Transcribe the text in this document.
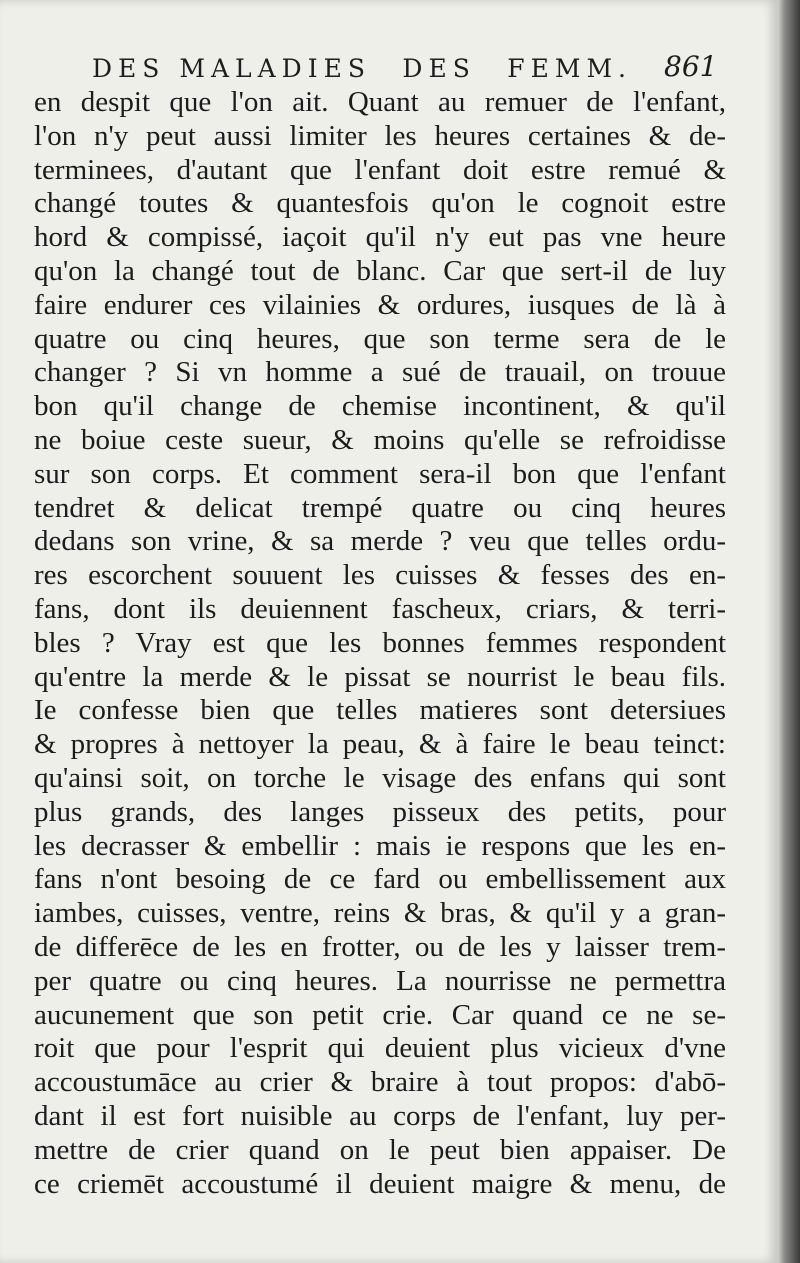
DES MALADIES DES FEMM. 861
en despit que l'on ait. Quant au remuer de l'enfant,
l'on n'y peut aussi limiter les heures certaines & de-
terminees, d'autant que l'enfant doit estre remué &
changé toutes & quantesfois qu'on le cognoit estre
hord & compissé, iaçoit qu'il n'y eut pas vne heure
qu'on la changé tout de blanc. Car que sert-il de luy
faire endurer ces vilainies & ordures, iusques de là à
quatre ou cinq heures, que son terme sera de le
changer ? Si vn homme a sué de trauail, on trouue
bon qu'il change de chemise incontinent, & qu'il
ne boiue ceste sueur, & moins qu'elle se refroidisse
sur son corps. Et comment sera-il bon que l'enfant
tendret & delicat trempé quatre ou cinq heures
dedans son vrine, & sa merde ? veu que telles ordu-
res escorchent souuent les cuisses & fesses des en-
fans, dont ils deuiennent fascheux, criars, & terri-
bles ? Vray est que les bonnes femmes respondent
qu'entre la merde & le pissat se nourrist le beau fils.
Ie confesse bien que telles matieres sont detersiues
& propres à nettoyer la peau, & à faire le beau teinct:
qu'ainsi soit, on torche le visage des enfans qui sont
plus grands, des langes pisseux des petits, pour
les decrasser & embellir : mais ie respons que les en-
fans n'ont besoing de ce fard ou embellissement aux
iambes, cuisses, ventre, reins & bras, & qu'il y a gran-
de differēce de les en frotter, ou de les y laisser trem-
per quatre ou cinq heures. La nourrisse ne permettra
aucunement que son petit crie. Car quand ce ne se-
roit que pour l'esprit qui deuient plus vicieux d'vne
accoustumāce au crier & braire à tout propos: d'abō-
dant il est fort nuisible au corps de l'enfant, luy per-
mettre de crier quand on le peut bien appaiser. De
ce criemēt accoustumé il deuient maigre & menu, de
